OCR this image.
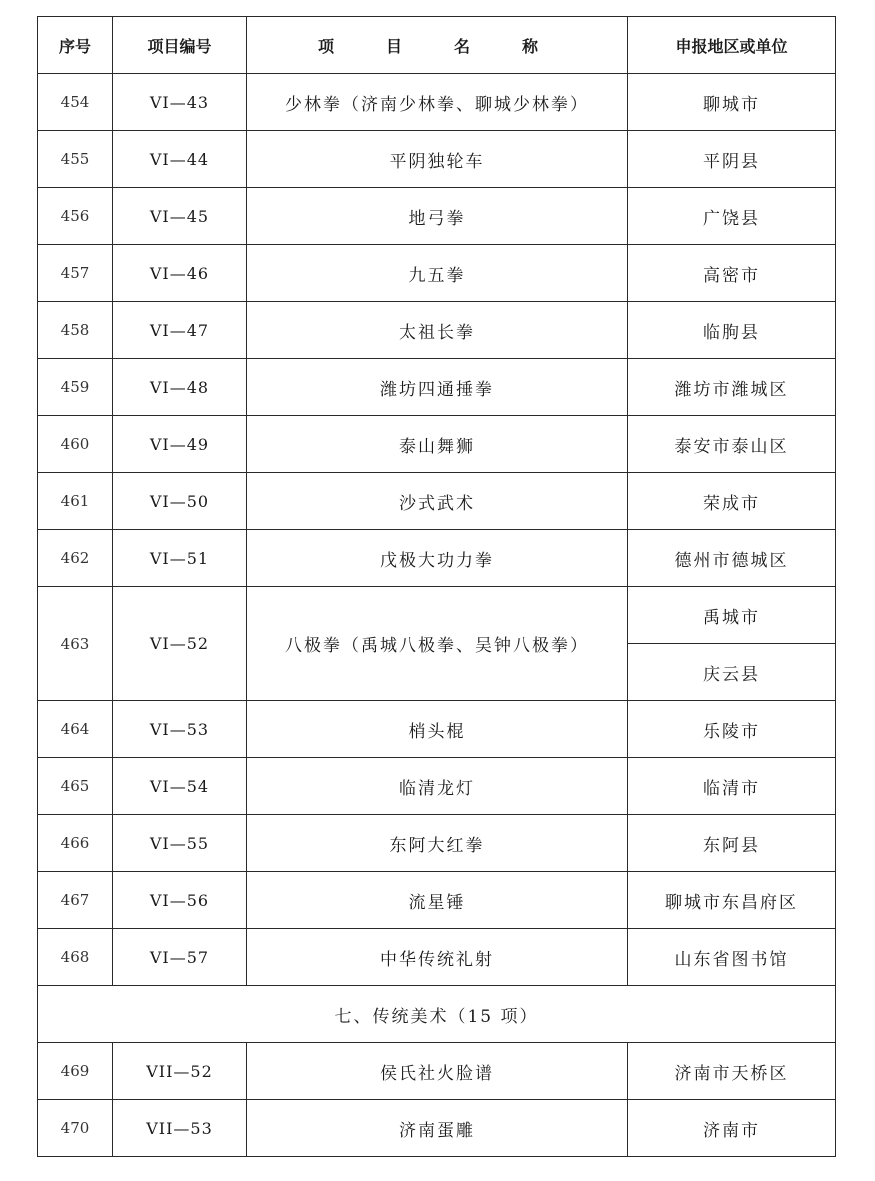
序号	项目编号	项　目　名　称	申报地区或单位
454	VI—43	少林拳（济南少林拳、聊城少林拳）	聊城市
455	VI—44	平阴独轮车	平阴县
456	VI—45	地弓拳	广饶县
457	VI—46	九五拳	高密市
458	VI—47	太祖长拳	临朐县
459	VI—48	潍坊四通捶拳	潍坊市潍城区
460	VI—49	泰山舞狮	泰安市泰山区
461	VI—50	沙式武术	荣成市
462	VI—51	戊极大功力拳	德州市德城区
463	VI—52	八极拳（禹城八极拳、吴钟八极拳）	禹城市
			庆云县
464	VI—53	梢头棍	乐陵市
465	VI—54	临清龙灯	临清市
466	VI—55	东阿大红拳	东阿县
467	VI—56	流星锤	聊城市东昌府区
468	VI—57	中华传统礼射	山东省图书馆
七、传统美术（15 项）			
469	VII—52	侯氏社火脸谱	济南市天桥区
470	VII—53	济南蛋雕	济南市
